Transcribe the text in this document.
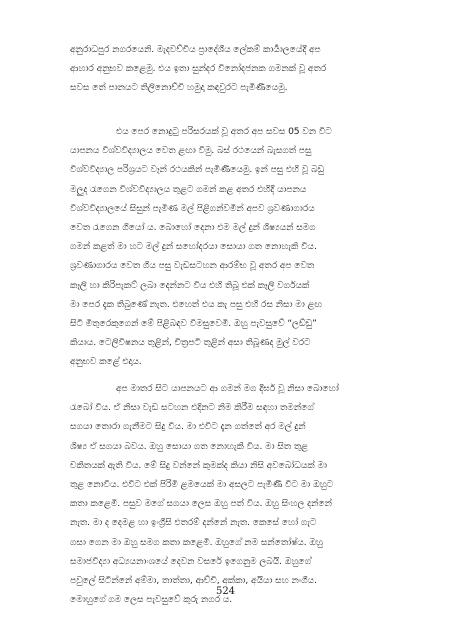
අනුරාධපුර නගරයෙනි. මැදවච්චිය ප්‍රාදේශීය ලේකම් කාර්‍යාලයේදී අප
ආහාර අනුභව කළෙමු. එය ඉතා සුන්දර විනෝදජනක ගමනක් වූ අතර
සවස තේ පානයට තිලිනොච්චි හමුදා කඳවුරට පැමිණියෙමු.
එය පෙර නොදුටු පරිසරයක් වූ අතර අප සවස 05 වන විට
යාපනය විශ්වවිද්‍යාලය වෙත ළඟා වීමු. බස් රථයෙන් බැසගත් පසු
විශ්වවිද්‍යාල පරිශ්‍රයට වෑන් රථයකින් පැමිණියෙමු. ඉන් පසු එහි වූ බඩු
මලුද රැගෙන විශ්වවිද්‍යාලය තුළට ගමන් කළ අතර එහිදී යාපනය
විශ්වවිද්‍යාලයේ සිසුන් පැමිණ මල් පිළිගන්වමින් අපව ශ්‍රවණාගාරය
වෙත රැගෙන ගියෝ ය. බොහෝ දෙනා එම මල් දුන් ශිෂ්‍යයන් සමග
ගමන් කළත් මා හට මල් දුන් සහෝදරයා සොයා ගත නොහැකි විය.
ශ්‍රවණාගාරය වෙත ගිය පසු වැඩසටහන ආරම්භ වූ අතර අප වෙත
කෑලි හා කිරිපැකට් ලබා දෙන්නට විය එහි තිබූ එක් කෑලි වර්ගයක්
මා පෙර දැක තිබුණේ නැත. එහෙත් එය කැ පසු එහි රස නිසා මා ළඟ
සිටි මිතුරෙකුගෙන් මේ පිළිබඳව විමසුවෙමි. ඔහු පැවසුවේ “ලඩ්ඩු”
කියාය. ටෙලිවිෂනය තුළින්, චිත්‍රපටි තුළින් අසා තිබූණද මුල් වරට
අනුභව කළේ එදාය.
අප මාතර සිට යාපනයට ආ ගමන් මග දීර්ඝ වූ නිසා බොහෝ
රැබෝ විය. ඒ නිසා වැඩ සටහන එදිනට නිම කිරීම සඳහා තමන්ගේ
සගයා තොරා ගැනීමට සිදු විය. මා එවිට දැන ගත්තේ අර මල් දුන්
ශිෂ්‍ය ඒ සගයා බවය. ඔහු සොයා ගත නොහැකි විය. මා සිත තුළ
චකිතයක් ඇති විය. මේ සිදු වන්නේ කුමක්ද කියා නිසි අවබෝධයක් මා
තුළ නොවීය. එවිට එක් පිරිමි ළමයෙක් මා අසලට පැමිණි විට මා ඔහුට
කතා කළෙමි. පසුව මගේ සගයා ලෙස ඔහු පත් විය. ඔහු සිංහල දන්නේ
නැත. මා ද දෙමළ හා ඉංග්‍රීසි එතරම් දන්නේ නැත. කෙසේ හෝ ගැට
ගසා ගෙන මා ඔහු සමග කතා කළෙමි. ඔහුගේ නම සන්තෝෂ්ය. ඔහු
සමාජවිද්‍යා අධ්‍යයනාංශයේ දෙවන වසරේ ඉගෙනුම ලබයි. ඔහුගේ
පවුලේ සිටින්නේ අම්මා, තාත්තා, ආච්චි, අක්කා, අයියා සහ නංගීය.
මොහුගේ ගම ලෙස පැවසුවේ කුරු නගර ය.
524
